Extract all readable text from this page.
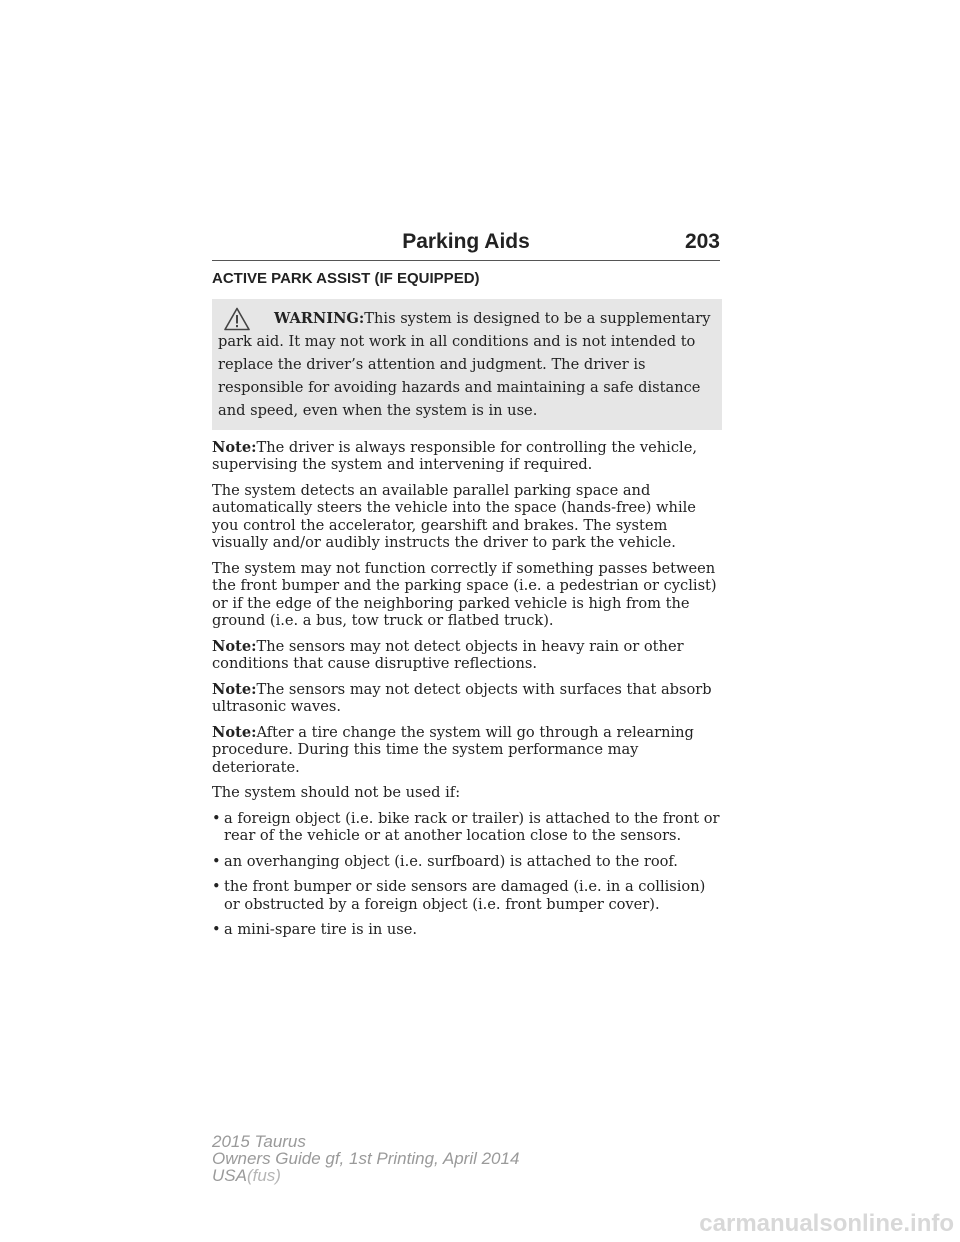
Parking Aids	203
ACTIVE PARK ASSIST (IF EQUIPPED)

WARNING:This system is designed to be a supplementary park aid. It may not work in all conditions and is not intended to replace the driver’s attention and judgment. The driver is responsible for avoiding hazards and maintaining a safe distance and speed, even when the system is in use.

Note:The driver is always responsible for controlling the vehicle, supervising the system and intervening if required.

The system detects an available parallel parking space and automatically steers the vehicle into the space (hands-free) while you control the accelerator, gearshift and brakes. The system visually and/or audibly instructs the driver to park the vehicle.

The system may not function correctly if something passes between the front bumper and the parking space (i.e. a pedestrian or cyclist) or if the edge of the neighboring parked vehicle is high from the ground (i.e. a bus, tow truck or flatbed truck).

Note:The sensors may not detect objects in heavy rain or other conditions that cause disruptive reflections.

Note:The sensors may not detect objects with surfaces that absorb ultrasonic waves.

Note:After a tire change the system will go through a relearning procedure. During this time the system performance may deteriorate.

The system should not be used if:

• a foreign object (i.e. bike rack or trailer) is attached to the front or rear of the vehicle or at another location close to the sensors.
• an overhanging object (i.e. surfboard) is attached to the roof.
• the front bumper or side sensors are damaged (i.e. in a collision) or obstructed by a foreign object (i.e. front bumper cover).
• a mini-spare tire is in use.
2015 Taurus
Owners Guide gf, 1st Printing, April 2014
USA(fus)
carmanualsonline.info
